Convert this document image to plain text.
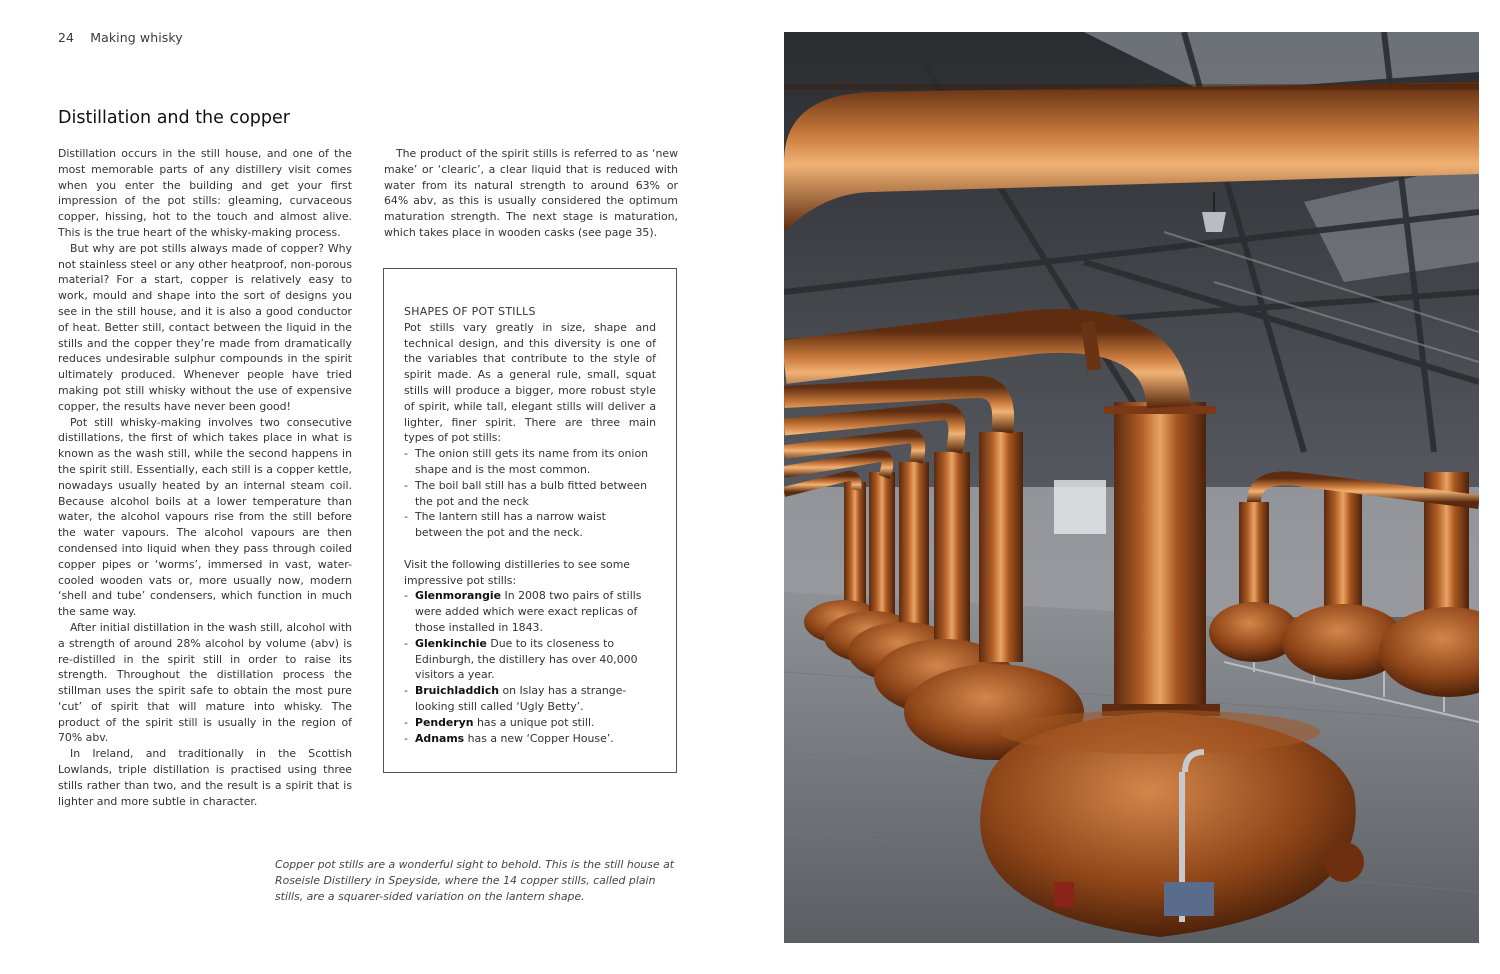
24 Making whisky
Distillation and the copper

Distillation occurs in the still house, and one of the most memorable parts of any distillery visit comes when you enter the building and get your first impression of the pot stills: gleaming, curvaceous copper, hissing, hot to the touch and almost alive. This is the true heart of the whisky-making process.

But why are pot stills always made of copper? Why not stainless steel or any other heatproof, non-porous material? For a start, copper is relatively easy to work, mould and shape into the sort of designs you see in the still house, and it is also a good conductor of heat. Better still, contact between the liquid in the stills and the copper they’re made from dramatically reduces undesirable sulphur compounds in the spirit ultimately produced. Whenever people have tried making pot still whisky without the use of expensive copper, the results have never been good!

Pot still whisky-making involves two consecutive distillations, the first of which takes place in what is known as the wash still, while the second happens in the spirit still. Essentially, each still is a copper kettle, nowadays usually heated by an internal steam coil. Because alcohol boils at a lower temperature than water, the alcohol vapours rise from the still before the water vapours. The alcohol vapours are then condensed into liquid when they pass through coiled copper pipes or ‘worms’, immersed in vast, water-cooled wooden vats or, more usually now, modern ‘shell and tube’ condensers, which function in much the same way.

After initial distillation in the wash still, alcohol with a strength of around 28% alcohol by volume (abv) is re-distilled in the spirit still in order to raise its strength. Throughout the distillation process the stillman uses the spirit safe to obtain the most pure ‘cut’ of spirit that will mature into whisky. The product of the spirit still is usually in the region of 70% abv.

In Ireland, and traditionally in the Scottish Lowlands, triple distillation is practised using three stills rather than two, and the result is a spirit that is lighter and more subtle in character.

The product of the spirit stills is referred to as ‘new make’ or ‘clearic’, a clear liquid that is reduced with water from its natural strength to around 63% or 64% abv, as this is usually considered the optimum maturation strength. The next stage is maturation, which takes place in wooden casks (see page 35).

SHAPES OF POT STILLS

Pot stills vary greatly in size, shape and technical design, and this diversity is one of the variables that contribute to the style of spirit made. As a general rule, small, squat stills will produce a bigger, more robust style of spirit, while tall, elegant stills will deliver a lighter, finer spirit. There are three main types of pot stills:

- The onion still gets its name from its onion shape and is the most common.
- The boil ball still has a bulb fitted between the pot and the neck
- The lantern still has a narrow waist between the pot and the neck.

Visit the following distilleries to see some impressive pot stills:

- Glenmorangie In 2008 two pairs of stills were added which were exact replicas of those installed in 1843.
- Glenkinchie Due to its closeness to Edinburgh, the distillery has over 40,000 visitors a year.
- Bruichladdich on Islay has a strange-looking still called ‘Ugly Betty’.
- Penderyn has a unique pot still.
- Adnams has a new ‘Copper House’.
Copper pot stills are a wonderful sight to behold. This is the still house at Roseisle Distillery in Speyside, where the 14 copper stills, called plain stills, are a squarer-sided variation on the lantern shape.
